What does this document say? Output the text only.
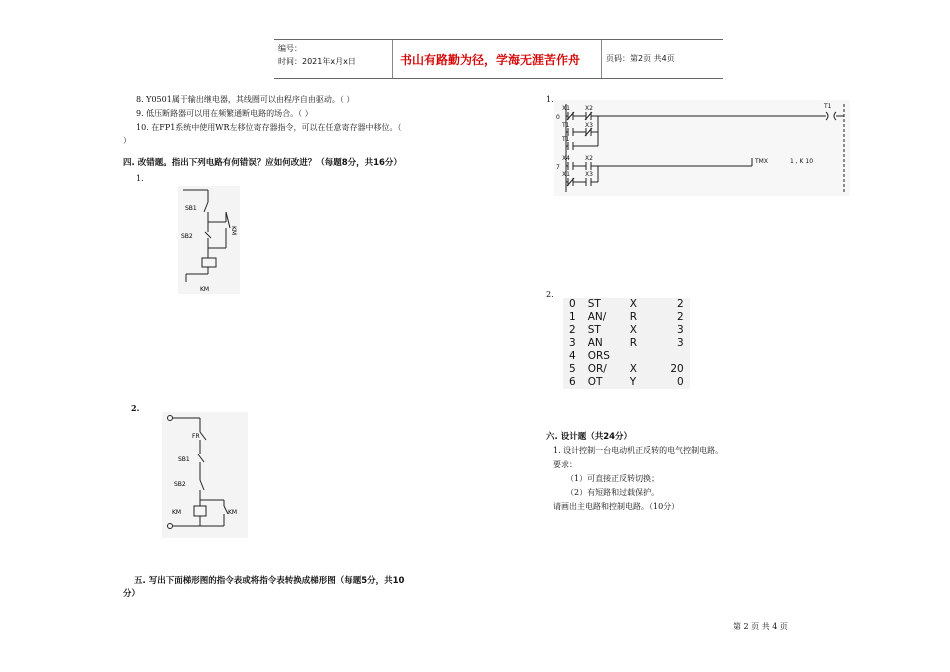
编号：
时间：2021年x月x日	书山有路勤为径，学海无涯苦作舟	页码：第2页 共4页
8. Y0501属于输出继电器，其线圈可以由程序自由驱动。（ ）
9. 低压断路器可以用在频繁通断电路的场合。（ ）
10. 在FP1系统中使用WR左移位寄存器指令，可以在任意寄存器中移位。（
）
四. 改错题。指出下列电路有何错误？应如何改进？（每题8分，共16分）
1.
SB1
SB2
KM
KM
2.
FR
SB1
SB2
KM	KM
五. 写出下面梯形图的指令表或将指令表转换成梯形图（每题5分，共10
分）
1.
X1	X2
T1	X3
T1
X4	X2
X1	X3
T1
0
7
TMX	1 , K 10
2.
0	ST	X	2
1	AN/	R	2
2	ST	X	3
3	AN	R	3
4	ORS		
5	OR/	X	20
6	OT	Y	0
六. 设计题（共24分）
1. 设计控制一台电动机正反转的电气控制电路。
要求：
（1）可直接正反转切换；
（2）有短路和过载保护。
请画出主电路和控制电路。（10分）
第 2 页 共 4 页
